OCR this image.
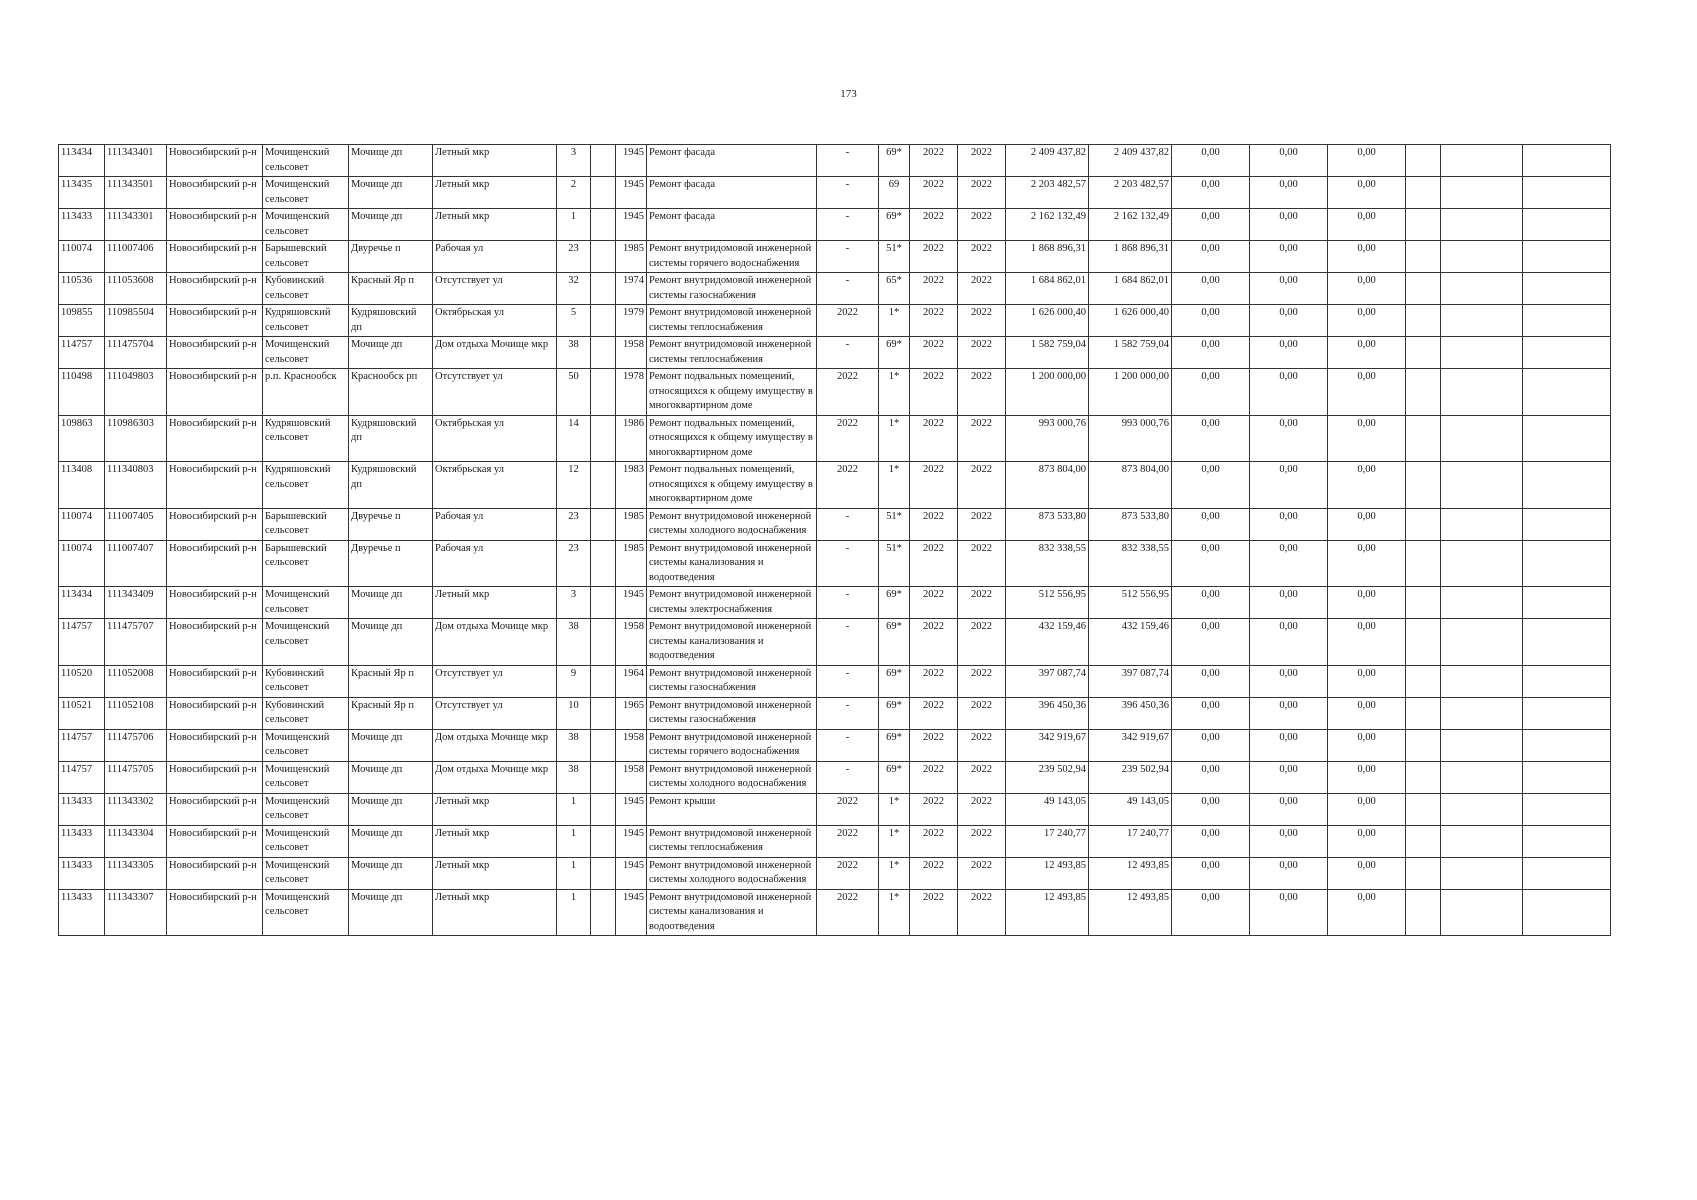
173
113434	111343401	Новосибирский р-н	Мочищенский сельсовет	Мочище дп	Летный мкр	3		1945	Ремонт фасада	-	69*	2022	2022	2 409 437,82	2 409 437,82	0,00	0,00	0,00			
113435	111343501	Новосибирский р-н	Мочищенский сельсовет	Мочище дп	Летный мкр	2		1945	Ремонт фасада	-	69	2022	2022	2 203 482,57	2 203 482,57	0,00	0,00	0,00			
113433	111343301	Новосибирский р-н	Мочищенский сельсовет	Мочище дп	Летный мкр	1		1945	Ремонт фасада	-	69*	2022	2022	2 162 132,49	2 162 132,49	0,00	0,00	0,00			
110074	111007406	Новосибирский р-н	Барышевский сельсовет	Двуречье п	Рабочая ул	23		1985	Ремонт внутридомовой инженерной системы горячего водоснабжения	-	51*	2022	2022	1 868 896,31	1 868 896,31	0,00	0,00	0,00			
110536	111053608	Новосибирский р-н	Кубовинский сельсовет	Красный Яр п	Отсутствует ул	32		1974	Ремонт внутридомовой инженерной системы газоснабжения	-	65*	2022	2022	1 684 862,01	1 684 862,01	0,00	0,00	0,00			
109855	110985504	Новосибирский р-н	Кудряшовский сельсовет	Кудряшовский дп	Октябрьская ул	5		1979	Ремонт внутридомовой инженерной системы теплоснабжения	2022	1*	2022	2022	1 626 000,40	1 626 000,40	0,00	0,00	0,00			
114757	111475704	Новосибирский р-н	Мочищенский сельсовет	Мочище дп	Дом отдыха Мочище мкр	38		1958	Ремонт внутридомовой инженерной системы теплоснабжения	-	69*	2022	2022	1 582 759,04	1 582 759,04	0,00	0,00	0,00			
110498	111049803	Новосибирский р-н	р.п. Краснообск	Краснообск рп	Отсутствует ул	50		1978	Ремонт подвальных помещений, относящихся к общему имуществу в многоквартирном доме	2022	1*	2022	2022	1 200 000,00	1 200 000,00	0,00	0,00	0,00			
109863	110986303	Новосибирский р-н	Кудряшовский сельсовет	Кудряшовский дп	Октябрьская ул	14		1986	Ремонт подвальных помещений, относящихся к общему имуществу в многоквартирном доме	2022	1*	2022	2022	993 000,76	993 000,76	0,00	0,00	0,00			
113408	111340803	Новосибирский р-н	Кудряшовский сельсовет	Кудряшовский дп	Октябрьская ул	12		1983	Ремонт подвальных помещений, относящихся к общему имуществу в многоквартирном доме	2022	1*	2022	2022	873 804,00	873 804,00	0,00	0,00	0,00			
110074	111007405	Новосибирский р-н	Барышевский сельсовет	Двуречье п	Рабочая ул	23		1985	Ремонт внутридомовой инженерной системы холодного водоснабжения	-	51*	2022	2022	873 533,80	873 533,80	0,00	0,00	0,00			
110074	111007407	Новосибирский р-н	Барышевский сельсовет	Двуречье п	Рабочая ул	23		1985	Ремонт внутридомовой инженерной системы канализования и водоотведения	-	51*	2022	2022	832 338,55	832 338,55	0,00	0,00	0,00			
113434	111343409	Новосибирский р-н	Мочищенский сельсовет	Мочище дп	Летный мкр	3		1945	Ремонт внутридомовой инженерной системы электроснабжения	-	69*	2022	2022	512 556,95	512 556,95	0,00	0,00	0,00			
114757	111475707	Новосибирский р-н	Мочищенский сельсовет	Мочище дп	Дом отдыха Мочище мкр	38		1958	Ремонт внутридомовой инженерной системы канализования и водоотведения	-	69*	2022	2022	432 159,46	432 159,46	0,00	0,00	0,00			
110520	111052008	Новосибирский р-н	Кубовинский сельсовет	Красный Яр п	Отсутствует ул	9		1964	Ремонт внутридомовой инженерной системы газоснабжения	-	69*	2022	2022	397 087,74	397 087,74	0,00	0,00	0,00			
110521	111052108	Новосибирский р-н	Кубовинский сельсовет	Красный Яр п	Отсутствует ул	10		1965	Ремонт внутридомовой инженерной системы газоснабжения	-	69*	2022	2022	396 450,36	396 450,36	0,00	0,00	0,00			
114757	111475706	Новосибирский р-н	Мочищенский сельсовет	Мочище дп	Дом отдыха Мочище мкр	38		1958	Ремонт внутридомовой инженерной системы горячего водоснабжения	-	69*	2022	2022	342 919,67	342 919,67	0,00	0,00	0,00			
114757	111475705	Новосибирский р-н	Мочищенский сельсовет	Мочище дп	Дом отдыха Мочище мкр	38		1958	Ремонт внутридомовой инженерной системы холодного водоснабжения	-	69*	2022	2022	239 502,94	239 502,94	0,00	0,00	0,00			
113433	111343302	Новосибирский р-н	Мочищенский сельсовет	Мочище дп	Летный мкр	1		1945	Ремонт крыши	2022	1*	2022	2022	49 143,05	49 143,05	0,00	0,00	0,00			
113433	111343304	Новосибирский р-н	Мочищенский сельсовет	Мочище дп	Летный мкр	1		1945	Ремонт внутридомовой инженерной системы теплоснабжения	2022	1*	2022	2022	17 240,77	17 240,77	0,00	0,00	0,00			
113433	111343305	Новосибирский р-н	Мочищенский сельсовет	Мочище дп	Летный мкр	1		1945	Ремонт внутридомовой инженерной системы холодного водоснабжения	2022	1*	2022	2022	12 493,85	12 493,85	0,00	0,00	0,00			
113433	111343307	Новосибирский р-н	Мочищенский сельсовет	Мочище дп	Летный мкр	1		1945	Ремонт внутридомовой инженерной системы канализования и водоотведения	2022	1*	2022	2022	12 493,85	12 493,85	0,00	0,00	0,00			
